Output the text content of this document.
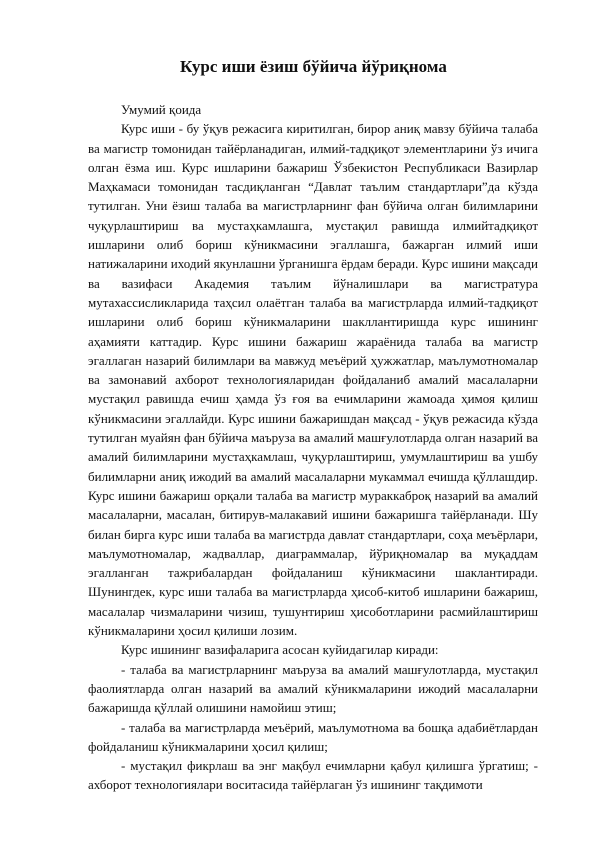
Курс иши ёзиш бўйича йўриқнома

Умумий қоида

Курс иши - бу ўқув режасига киритилган, бирор аниқ мавзу бўйича талаба ва магистр томонидан тайёрланадиган, илмий-тадқиқот элементларини ўз ичига олган ёзма иш. Курс ишларини бажариш Ўзбекистон Республикаси Вазирлар Маҳкамаси томонидан тасдиқланган “Давлат таълим стандартлари”да кўзда тутилган. Уни ёзиш талаба ва магистрларнинг фан бўйича олган билимларини чуқурлаштириш ва мустаҳкамлашга, мустақил равишда илмийтадқиқот ишларини олиб бориш кўникмасини эгаллашга, бажарган илмий иши натижаларини иходий якунлашни ўрганишга ёрдам беради. Курс ишини мақсади ва вазифаси Академия таълим йўналишлари ва магистратура мутахассисликларида таҳсил олаётган талаба ва магистрларда илмий-тадқиқот ишларини олиб бориш кўникмаларини шакллантиришда курс ишининг аҳамияти каттадир. Курс ишини бажариш жараёнида талаба ва магистр эгаллаган назарий билимлари ва мавжуд меъёрий ҳужжатлар, маълумотномалар ва замонавий ахборот технологияларидан фойдаланиб амалий масалаларни мустақил равишда ечиш ҳамда ўз ғоя ва ечимларини жамоада ҳимоя қилиш кўникмасини эгаллайди. Курс ишини бажаришдан мақсад - ўқув режасида кўзда тутилган муайян фан бўйича маъруза ва амалий машғулотларда олган назарий ва амалий билимларини мустаҳкамлаш, чуқурлаштириш, умумлаштириш ва ушбу билимларни аниқ ижодий ва амалий масалаларни мукаммал ечишда қўллашдир. Курс ишини бажариш орқали талаба ва магистр мураккаброқ назарий ва амалий масалаларни, масалан, битирув-малакавий ишини бажаришга тайёрланади. Шу билан бирга курс иши талаба ва магистрда давлат стандартлари, соҳа меъёрлари, маълумотномалар, жадваллар, диаграммалар, йўриқномалар ва муқаддам эгалланган тажрибалардан фойдаланиш кўникмасини шаклантиради. Шунингдек, курс иши талаба ва магистрларда ҳисоб-китоб ишларини бажариш, масалалар чизмаларини чизиш, тушунтириш ҳисоботларини расмийлаштириш кўникмаларини ҳосил қилиши лозим.

Курс ишининг вазифаларига асосан куйидагилар киради:

- талаба ва магистрларнинг маъруза ва амалий машғулотларда, мустақил фаолиятларда олган назарий ва амалий кўникмаларини ижодий масалаларни бажаришда қўллай олишини намойиш этиш;

- талаба ва магистрларда меъёрий, маълумотнома ва бошқа адабиётлардан фойдаланиш кўникмаларини ҳосил қилиш;

- мустақил фикрлаш ва энг мақбул ечимларни қабул қилишга ўргатиш; - ахборот технологиялари воситасида тайёрлаган ўз ишининг тақдимоти
